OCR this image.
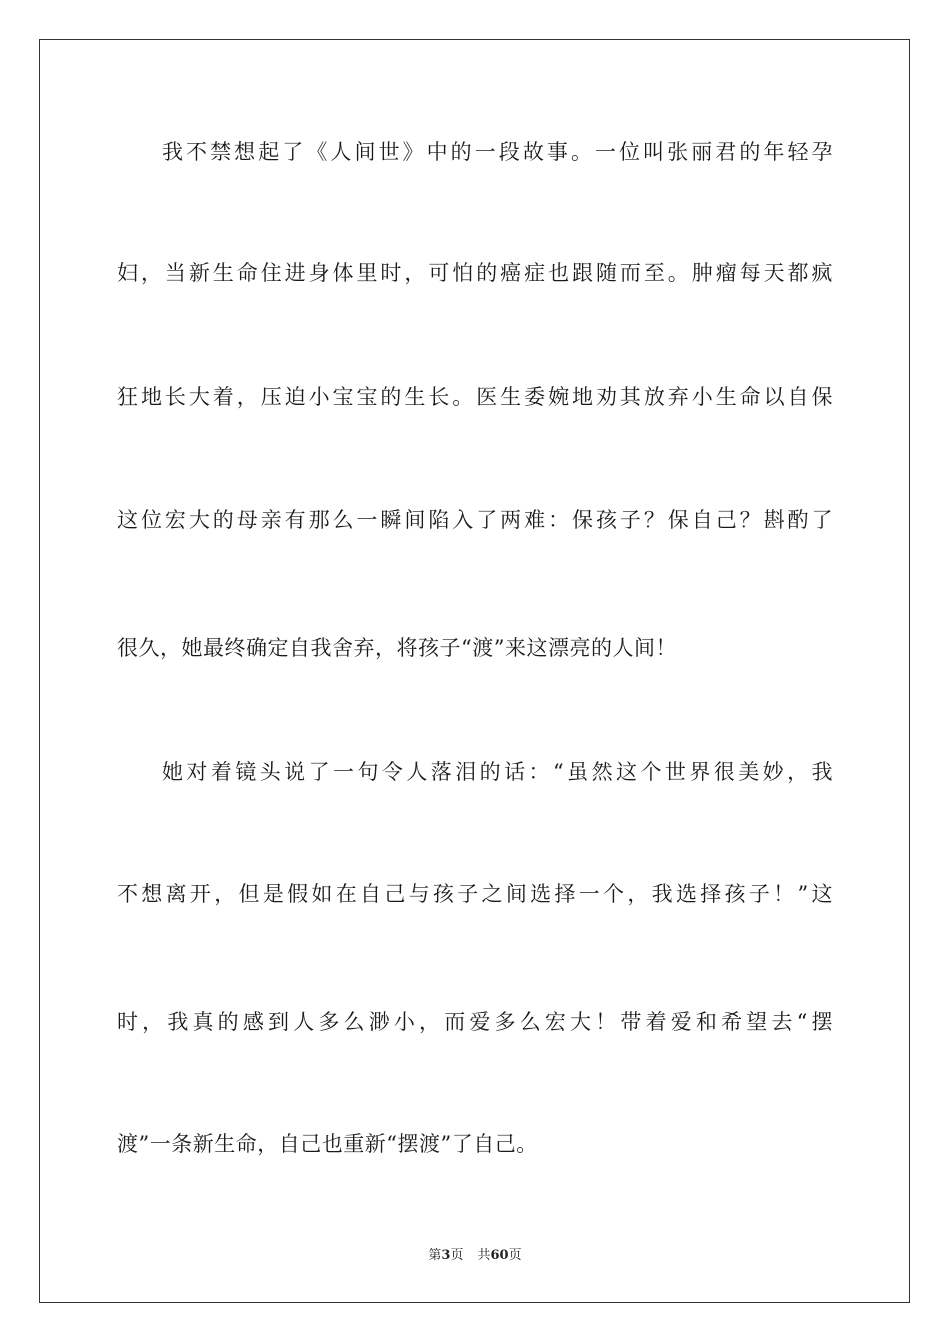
我不禁想起了《人间世》中的一段故事。一位叫张丽君的年轻孕
妇，当新生命住进身体里时，可怕的癌症也跟随而至。肿瘤每天都疯
狂地长大着，压迫小宝宝的生长。医生委婉地劝其放弃小生命以自保
这位宏大的母亲有那么一瞬间陷入了两难：保孩子？保自己？斟酌了
很久，她最终确定自我舍弃，将孩子“渡”来这漂亮的人间！
她对着镜头说了一句令人落泪的话：“虽然这个世界很美妙，我
不想离开，但是假如在自己与孩子之间选择一个，我选择孩子！”这
时，我真的感到人多么渺小，而爱多么宏大！带着爱和希望去“摆
渡”一条新生命，自己也重新“摆渡”了自己。
第3页 共60页
